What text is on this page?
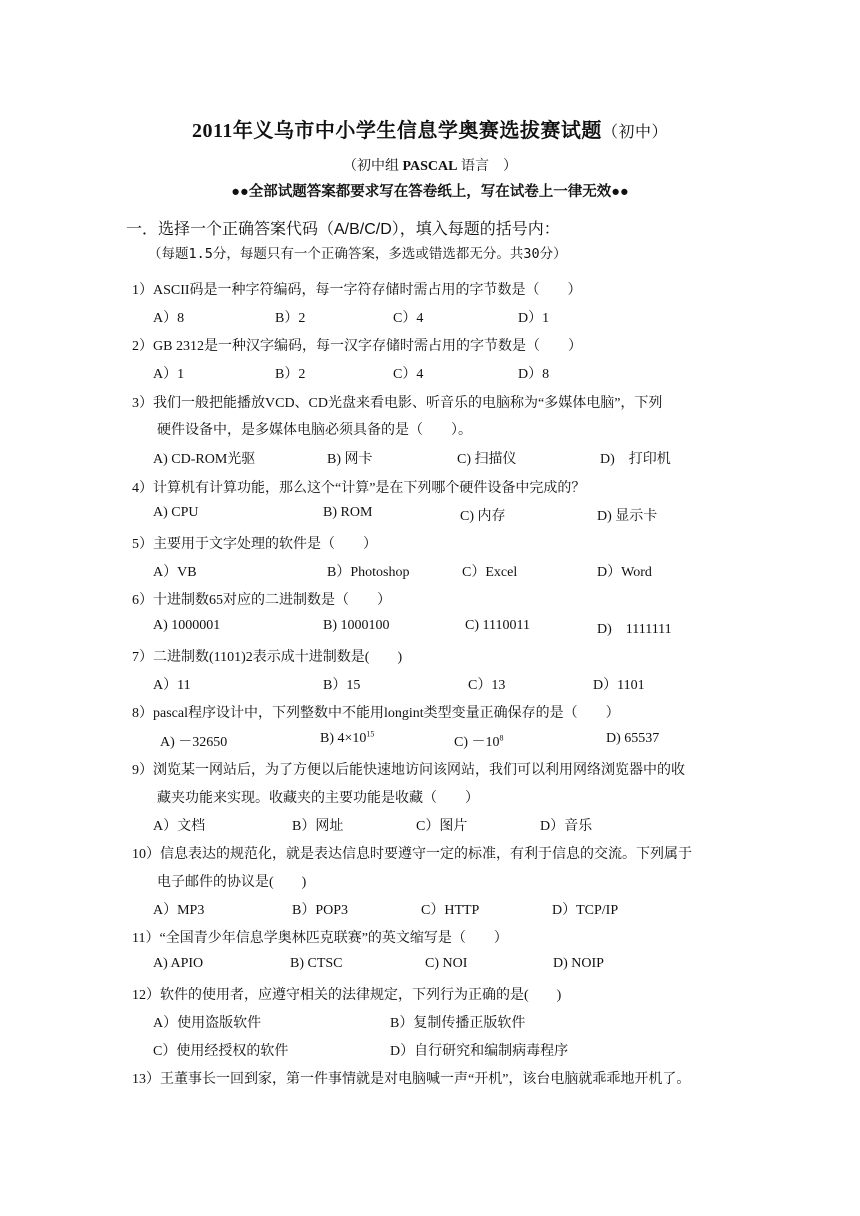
2011年义乌市中小学生信息学奥赛选拔赛试题（初中）
（初中组 PASCAL 语言　）
●●全部试题答案都要求写在答卷纸上，写在试卷上一律无效●●
一．选择一个正确答案代码（A/B/C/D），填入每题的括号内：
（每题1.5分，每题只有一个正确答案，多选或错选都无分。共30分）
1）ASCII码是一种字符编码，每一字符存储时需占用的字节数是（　　）
A）8	B）2	C）4	D）1
2）GB 2312是一种汉字编码，每一汉字存储时需占用的字节数是（　　）
A）1	B）2	C）4	D）8
3）我们一般把能播放VCD、CD光盘来看电影、听音乐的电脑称为“多媒体电脑”，下列
硬件设备中，是多媒体电脑必须具备的是（　　）。
A) CD-ROM光驱	B) 网卡	C) 扫描仪	D)　打印机
4）计算机有计算功能，那么这个“计算”是在下列哪个硬件设备中完成的？
A) CPU	B) ROM	C) 内存	D) 显示卡
5）主要用于文字处理的软件是（　　）
A）VB	B）Photoshop	C）Excel	D）Word
6）十进制数65对应的二进制数是（　　）
A) 1000001	B) 1000100	C) 1110011	D)　1111111
7）二进制数(1101)2表示成十进制数是(　　)
A）11	B）15	C）13	D）1101
8）pascal程序设计中，下列整数中不能用longint类型变量正确保存的是（　　）
A) －32650	B) $4\times 10^{15}$
$C) -10^8$	D) 65537
9）浏览某一网站后，为了方便以后能快速地访问该网站，我们可以利用网络浏览器中的收
藏夹功能来实现。收藏夹的主要功能是收藏（　　）
A）文档	B）网址	C）图片	D）音乐
10）信息表达的规范化，就是表达信息时要遵守一定的标准，有利于信息的交流。下列属于
电子邮件的协议是(　　)
A）MP3	B）POP3	C）HTTP	D）TCP/IP
11）“全国青少年信息学奥林匹克联赛”的英文缩写是（　　）
A) APIO	B) CTSC	C) NOI	D) NOIP
12）软件的使用者，应遵守相关的法律规定，下列行为正确的是(　　)
A）使用盗版软件	B）复制传播正版软件
C）使用经授权的软件	D）自行研究和编制病毒程序
13）王董事长一回到家，第一件事情就是对电脑喊一声“开机”，该台电脑就乖乖地开机了。
